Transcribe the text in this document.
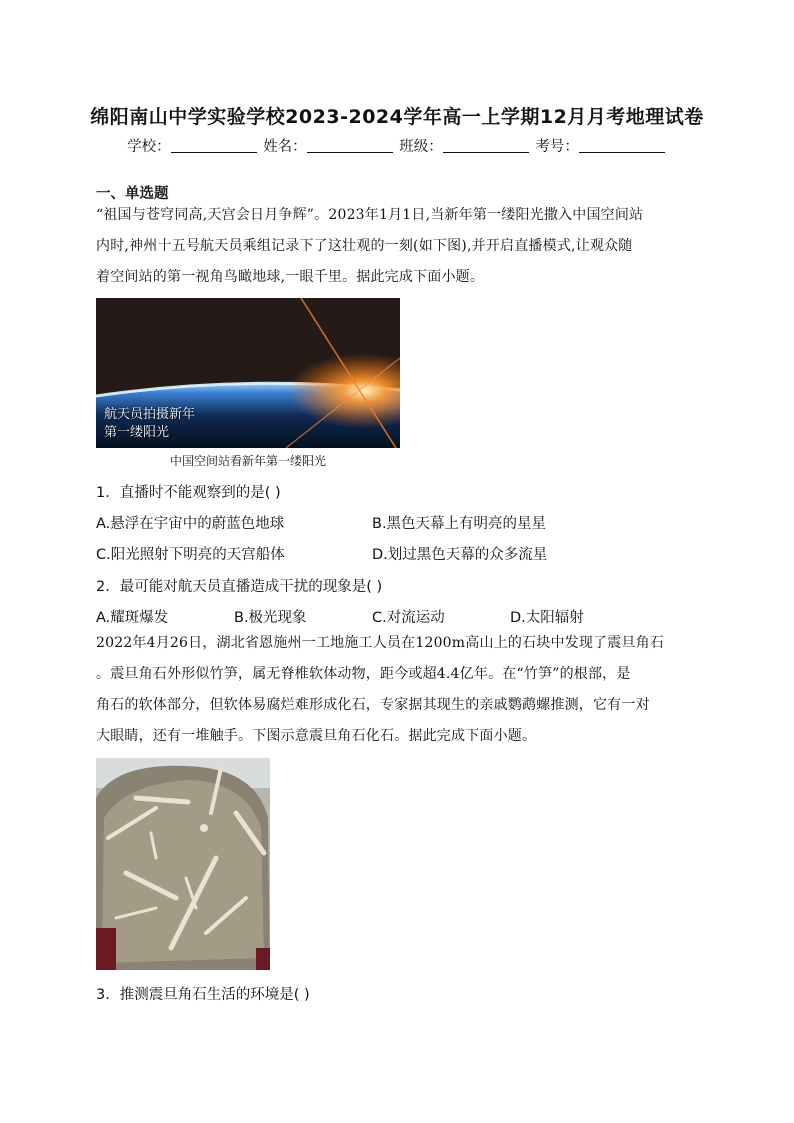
绵阳南山中学实验学校2023-2024学年高一上学期12月月考地理试卷
学校：	姓名：	班级：	考号：
一、单选题
“祖国与苍穹同高,天宫会日月争辉”。2023年1月1日,当新年第一缕阳光撒入中国空间站
内时,神州十五号航天员乘组记录下了这壮观的一刻(如下图),并开启直播模式,让观众随
着空间站的第一视角鸟瞰地球,一眼千里。据此完成下面小题。
航天员拍摄新年
第一缕阳光
中国空间站看新年第一缕阳光
1．直播时不能观察到的是( )
A.悬浮在宇宙中的蔚蓝色地球	B.黑色天幕上有明亮的星星
C.阳光照射下明亮的天宫船体	D.划过黑色天幕的众多流星
2．最可能对航天员直播造成干扰的现象是( )
A.耀斑爆发	B.极光现象	C.对流运动	D.太阳辐射
2022年4月26日，湖北省恩施州一工地施工人员在1200m高山上的石块中发现了震旦角石
。震旦角石外形似竹笋，属无脊椎软体动物，距今或超4.4亿年。在“竹笋”的根部，是
角石的软体部分，但软体易腐烂难形成化石，专家据其现生的亲戚鹦鹉螺推测，它有一对
大眼睛，还有一堆触手。下图示意震旦角石化石。据此完成下面小题。
3．推测震旦角石生活的环境是( )
